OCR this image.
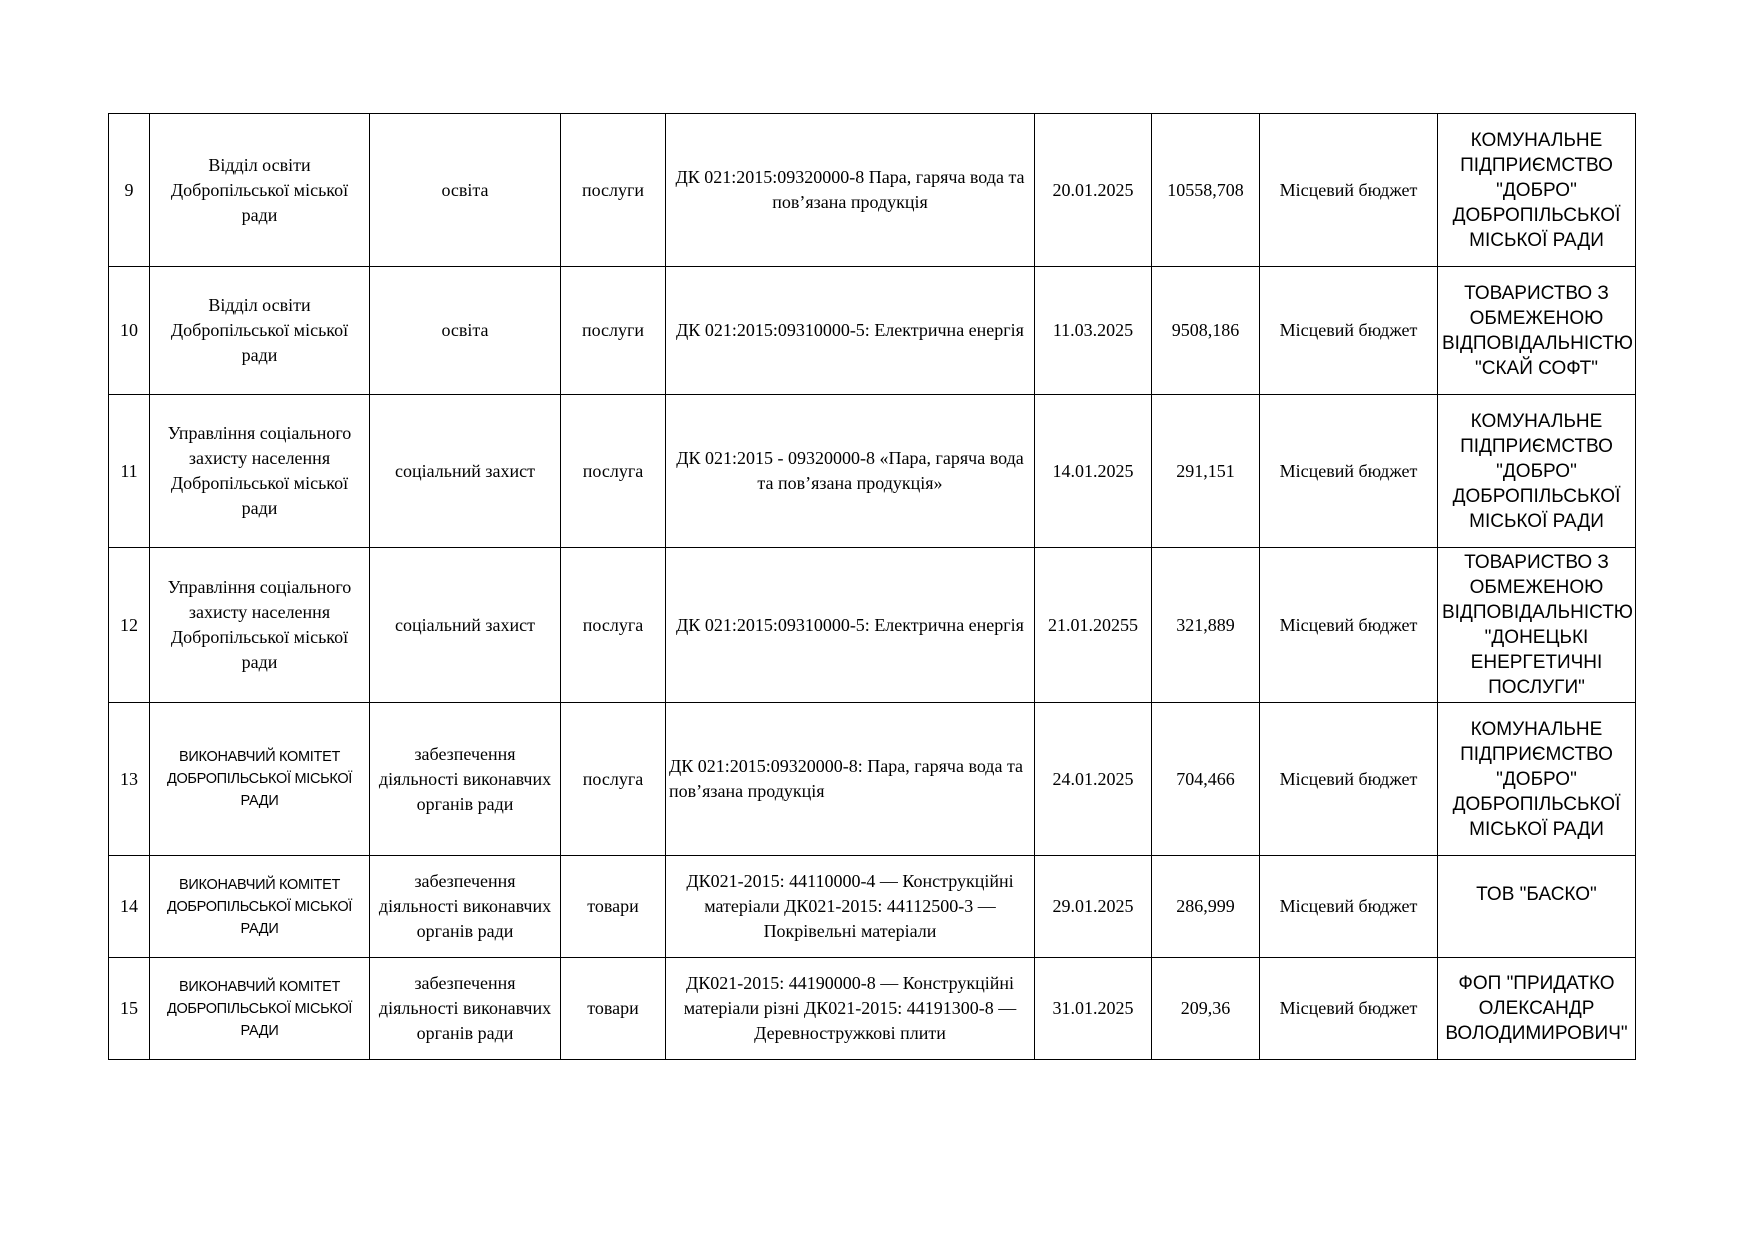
9	Відділ освіти Добропільської міської ради	освіта	послуги	ДК 021:2015:09320000-8 Пара, гаряча вода та пов’язана продукція	20.01.2025	10558,708	Місцевий бюджет	КОМУНАЛЬНЕ ПІДПРИЄМСТВО "ДОБРО" ДОБРОПІЛЬСЬКОЇ МІСЬКОЇ РАДИ
10	Відділ освіти Добропільської міської ради	освіта	послуги	ДК 021:2015:09310000-5: Електрична енергія	11.03.2025	9508,186	Місцевий бюджет	ТОВАРИСТВО З ОБМЕЖЕНОЮ ВІДПОВІДАЛЬНІСТЮ "СКАЙ СОФТ"
11	Управління соціального захисту населення Добропільської міської ради	соціальний захист	послуга	ДК 021:2015 - 09320000-8 «Пара, гаряча вода та пов’язана продукція»	14.01.2025	291,151	Місцевий бюджет	КОМУНАЛЬНЕ ПІДПРИЄМСТВО "ДОБРО" ДОБРОПІЛЬСЬКОЇ МІСЬКОЇ РАДИ
12	Управління соціального захисту населення Добропільської міської ради	соціальний захист	послуга	ДК 021:2015:09310000-5: Електрична енергія	21.01.20255	321,889	Місцевий бюджет	ТОВАРИСТВО З ОБМЕЖЕНОЮ ВІДПОВІДАЛЬНІСТЮ "ДОНЕЦЬКІ ЕНЕРГЕТИЧНІ ПОСЛУГИ"
13	ВИКОНАВЧИЙ КОМІТЕТ ДОБРОПІЛЬСЬКОЇ МІСЬКОЇ РАДИ	забезпечення діяльності виконавчих органів ради	послуга	ДК 021:2015:09320000-8: Пара, гаряча вода та пов’язана продукція	24.01.2025	704,466	Місцевий бюджет	КОМУНАЛЬНЕ ПІДПРИЄМСТВО "ДОБРО" ДОБРОПІЛЬСЬКОЇ МІСЬКОЇ РАДИ
14	ВИКОНАВЧИЙ КОМІТЕТ ДОБРОПІЛЬСЬКОЇ МІСЬКОЇ РАДИ	забезпечення діяльності виконавчих органів ради	товари	ДК021-2015: 44110000-4 — Конструкційні матеріали ДК021-2015: 44112500-3 — Покрівельні матеріали	29.01.2025	286,999	Місцевий бюджет	ТОВ "БАСКО"
15	ВИКОНАВЧИЙ КОМІТЕТ ДОБРОПІЛЬСЬКОЇ МІСЬКОЇ РАДИ	забезпечення діяльності виконавчих органів ради	товари	ДК021-2015: 44190000-8 — Конструкційні матеріали різні ДК021-2015: 44191300-8 — Деревностружкові плити	31.01.2025	209,36	Місцевий бюджет	ФОП "ПРИДАТКО ОЛЕКСАНДР ВОЛОДИМИРОВИЧ"
